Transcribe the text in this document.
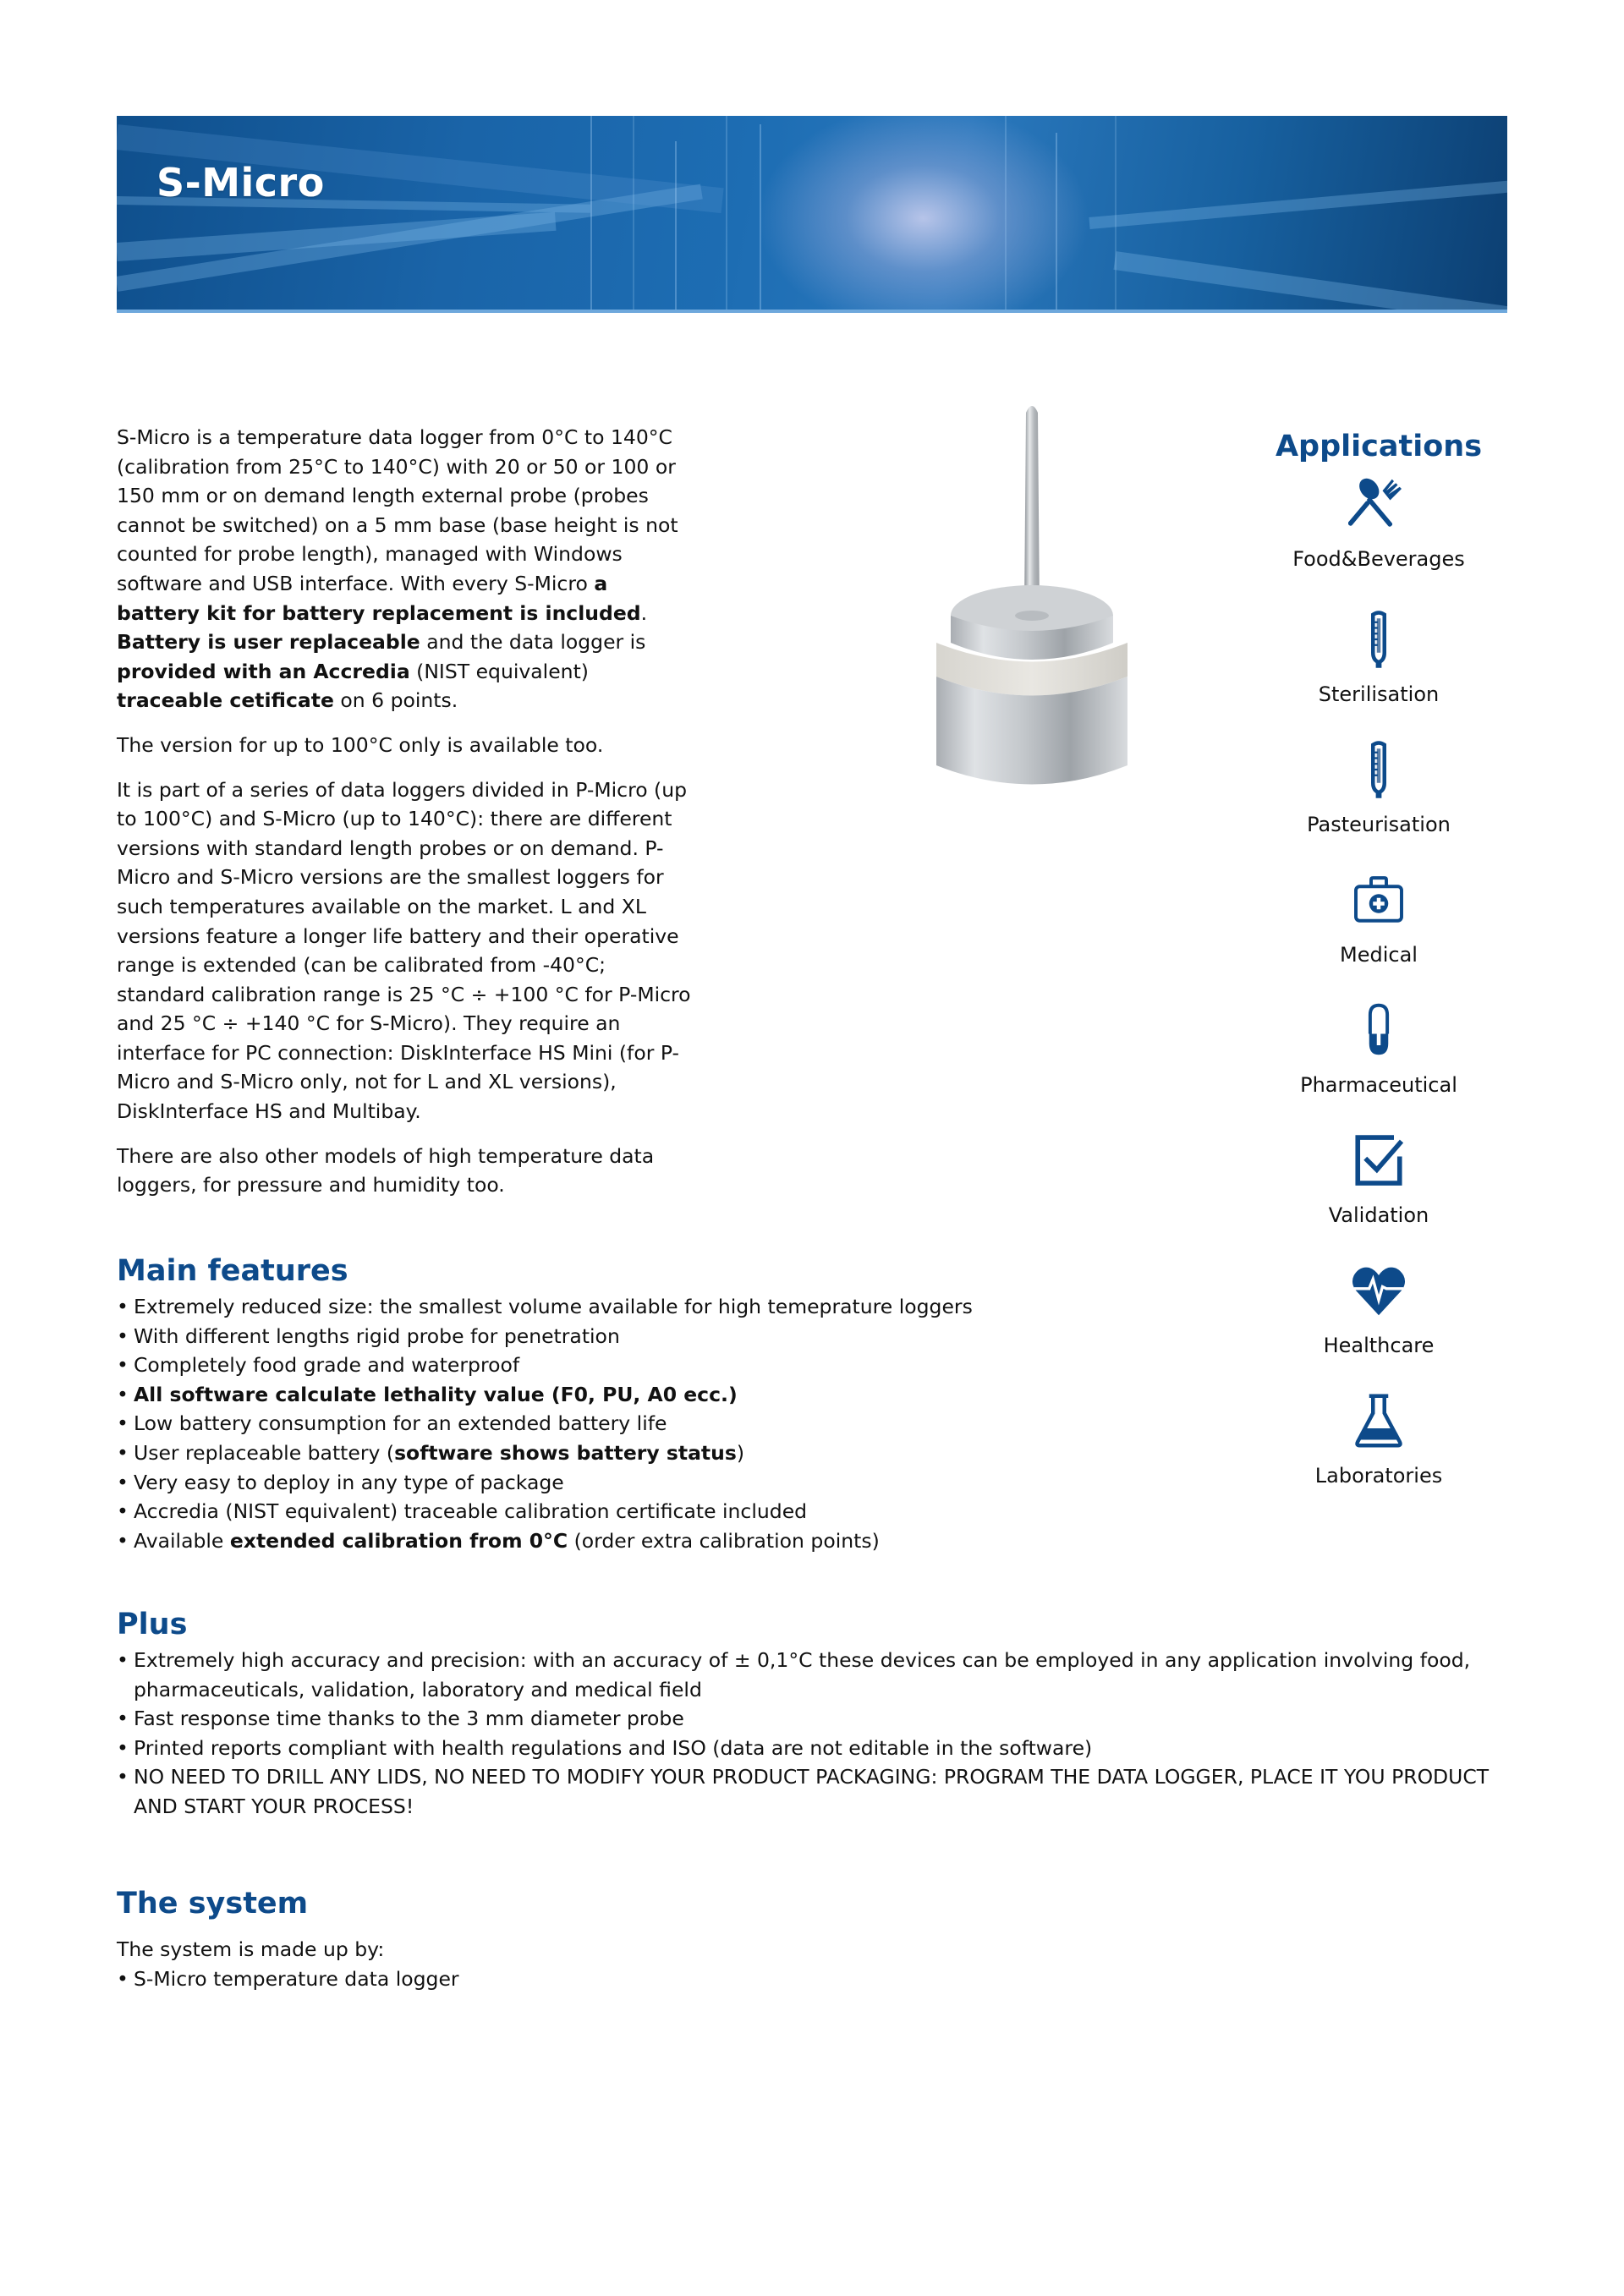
S-Micro

S-Micro is a temperature data logger from 0°C to 140°C (calibration from 25°C to 140°C) with 20 or 50 or 100 or 150 mm or on demand length external probe (probes cannot be switched) on a 5 mm base (base height is not counted for probe length), managed with Windows software and USB interface. With every S-Micro a battery kit for battery replacement is included.
Battery is user replaceable and the data logger is provided with an Accredia (NIST equivalent) traceable cetificate on 6 points.

The version for up to 100°C only is available too.

It is part of a series of data loggers divided in P-Micro (up to 100°C) and S-Micro (up to 140°C): there are different versions with standard length probes or on demand. P-Micro and S-Micro versions are the smallest loggers for such temperatures available on the market. L and XL versions feature a longer life battery and their operative range is extended (can be calibrated from -40°C; standard calibration range is 25 °C ÷ +100 °C for P-Micro and 25 °C ÷ +140 °C for S-Micro). They require an interface for PC connection: DiskInterface HS Mini (for P-Micro and S-Micro only, not for L and XL versions), DiskInterface HS and Multibay.

There are also other models of high temperature data loggers, for pressure and humidity too.

Applications
Food&Beverages
Sterilisation
Pasteurisation
Medical
Pharmaceutical
Validation
Healthcare
Laboratories
Main features
• Extremely reduced size: the smallest volume available for high temeprature loggers
• With different lengths rigid probe for penetration
• Completely food grade and waterproof
• All software calculate lethality value (F0, PU, A0 ecc.)
• Low battery consumption for an extended battery life
• User replaceable battery (software shows battery status)
• Very easy to deploy in any type of package
• Accredia (NIST equivalent) traceable calibration certificate included
• Available extended calibration from 0°C (order extra calibration points)
Plus
• Extremely high accuracy and precision: with an accuracy of ± 0,1°C these devices can be employed in any application involving food, pharmaceuticals, validation, laboratory and medical field
• Fast response time thanks to the 3 mm diameter probe
• Printed reports compliant with health regulations and ISO (data are not editable in the software)
• NO NEED TO DRILL ANY LIDS, NO NEED TO MODIFY YOUR PRODUCT PACKAGING: PROGRAM THE DATA LOGGER, PLACE IT YOU PRODUCT AND START YOUR PROCESS!
The system

The system is made up by:

• S-Micro temperature data logger
